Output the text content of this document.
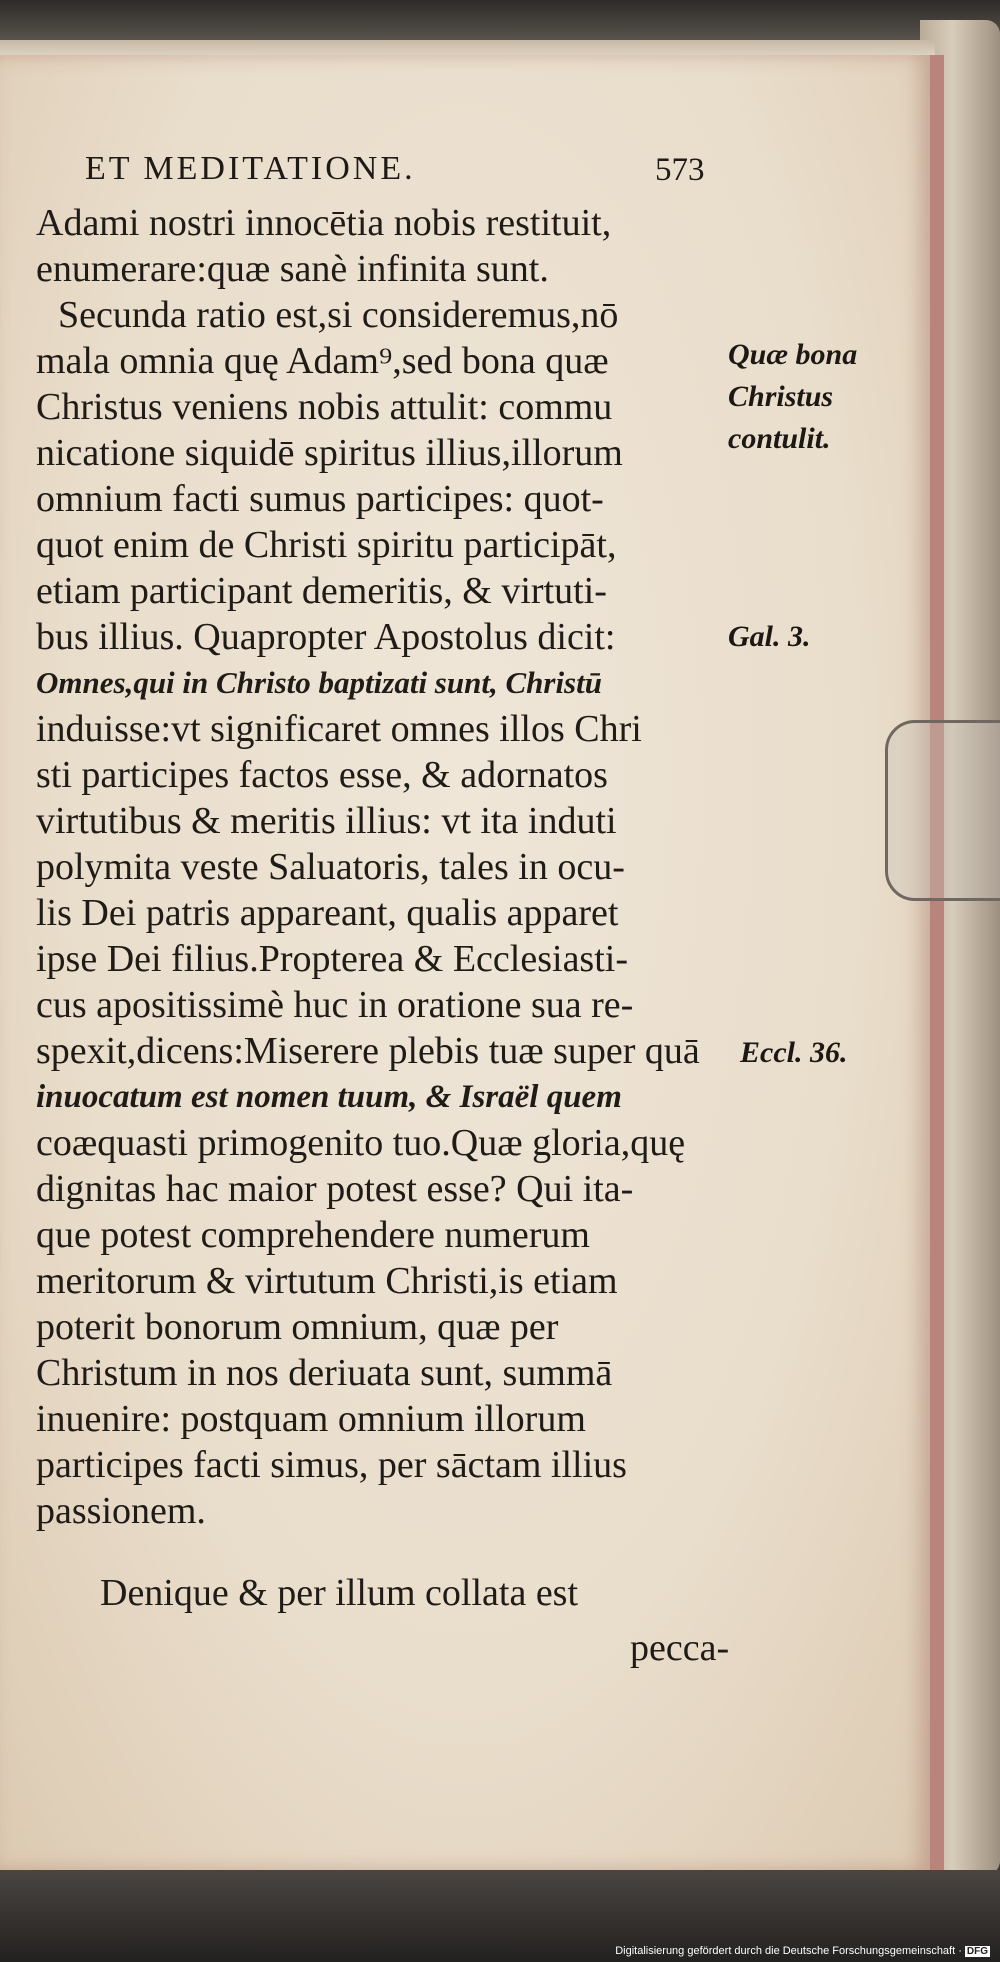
ET MEDITATIONE.	573
Adami nostri innocētia nobis restituit,
enumerare:quæ sanè infinita sunt.
Secunda ratio est,si consideremus,nō
mala omnia quę Adam⁹,sed bona quæ
Christus veniens nobis attulit: commu
nicatione siquidē spiritus illius,illorum
omnium facti sumus participes: quot-
quot enim de Christi spiritu participāt,
etiam participant demeritis, & virtuti-
bus illius. Quapropter Apostolus dicit:
Omnes,qui in Christo baptizati sunt, Christū
induisse:vt significaret omnes illos Chri
sti participes factos esse, & adornatos
virtutibus & meritis illius: vt ita induti
polymita veste Saluatoris, tales in ocu-
lis Dei patris appareant, qualis apparet
ipse Dei filius.Propterea & Ecclesiasti-
cus apositissimè huc in oratione sua re-
spexit,dicens:Miserere plebis tuæ super quā
inuocatum est nomen tuum, & Israël quem
coæquasti primogenito tuo.Quæ gloria,quę
dignitas hac maior potest esse? Qui ita-
que potest comprehendere numerum
meritorum & virtutum Christi,is etiam
poterit bonorum omnium, quæ per
Christum in nos deriuata sunt, summā
inuenire: postquam omnium illorum
participes facti simus, per sāctam illius
passionem.
Denique & per illum collata est
pecca-
Quæ bona
Christus
contulit.
Gal. 3.
Eccl. 36.
Digitalisierung gefördert durch die Deutsche Forschungsgemeinschaft · DFG
